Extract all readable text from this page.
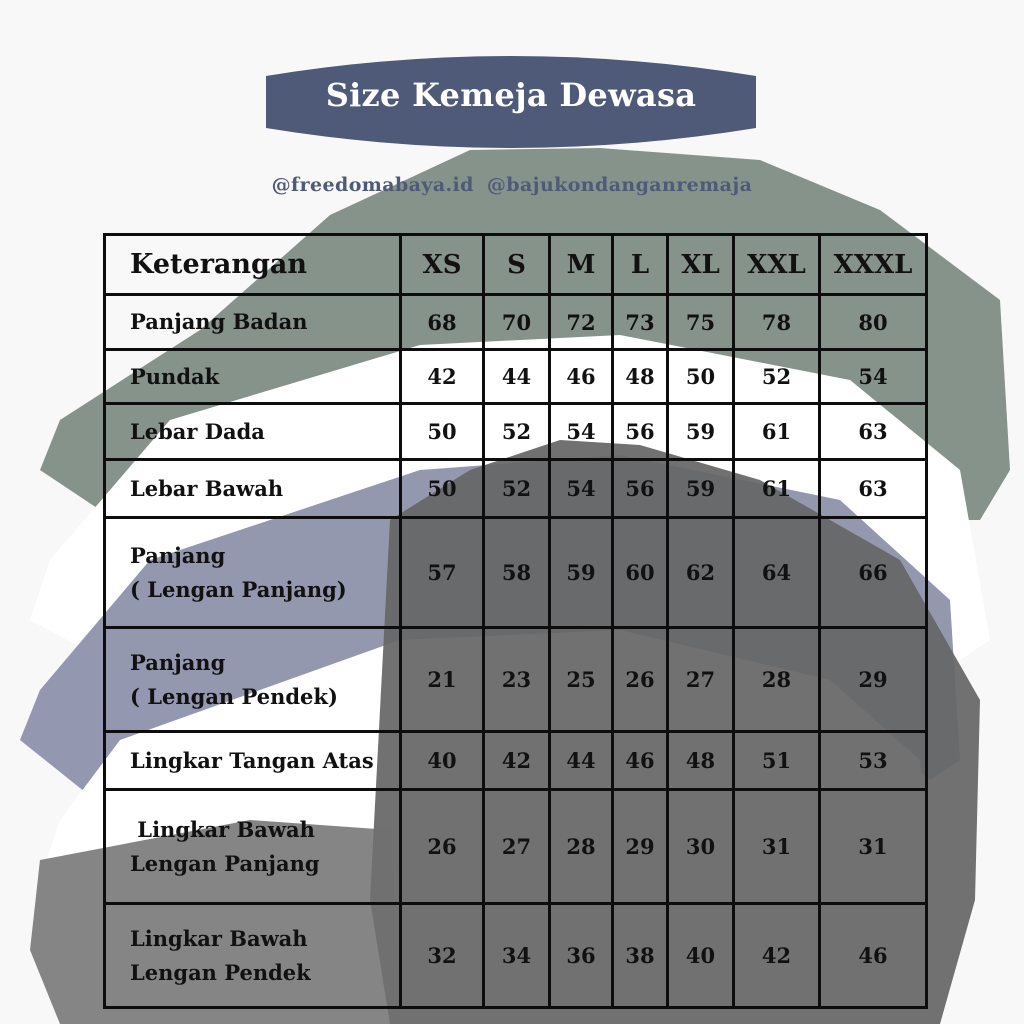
Size Kemeja Dewasa
@freedomabaya.id @bajukondanganremaja
Keterangan	XS	S	M	L	XL	XXL	XXXL

Panjang Badan	68	70	72	73	75	78	80

Pundak	42	44	46	48	50	52	54

Lebar Dada	50	52	54	56	59	61	63

Lebar Bawah	50	52	54	56	59	61	63

Panjang
( Lengan Panjang)	57	58	59	60	62	64	66

Panjang
( Lengan Pendek)	21	23	25	26	27	28	29

Lingkar Tangan Atas	40	42	44	46	48	51	53

Lingkar Bawah
Lengan Panjang	26	27	28	29	30	31	31

Lingkar Bawah
Lengan Pendek	32	34	36	38	40	42	46
